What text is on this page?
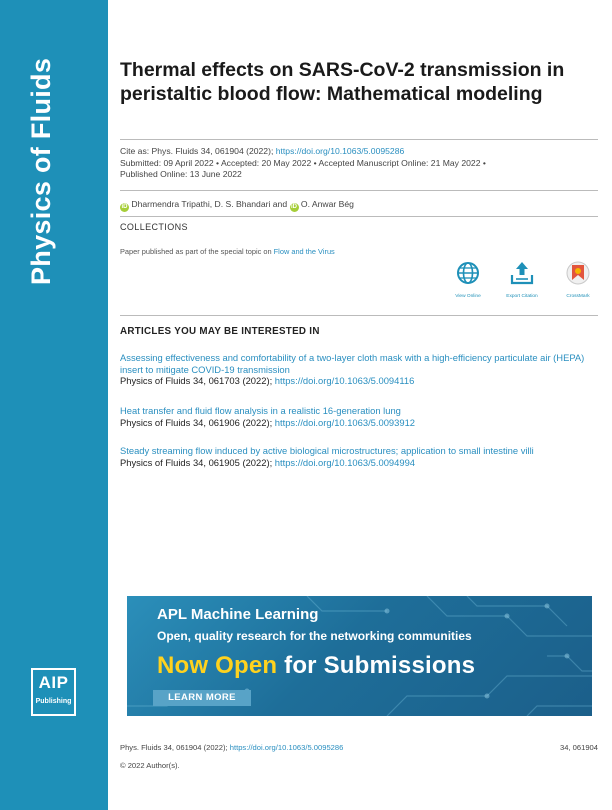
Physics of Fluids
AIP
Publishing
Thermal effects on SARS-CoV-2 transmission in peristaltic blood flow: Mathematical modeling
Cite as: Phys. Fluids 34, 061904 (2022); https://doi.org/10.1063/5.0095286
Submitted: 09 April 2022 • Accepted: 20 May 2022 • Accepted Manuscript Online: 21 May 2022 •
Published Online: 13 June 2022
iD Dharmendra Tripathi, D. S. Bhandari and iD O. Anwar Bég
COLLECTIONS
Paper published as part of the special topic on Flow and the Virus
View Online	Export Citation	CrossMark
ARTICLES YOU MAY BE INTERESTED IN
Assessing effectiveness and comfortability of a two-layer cloth mask with a high-efficiency particulate air (HEPA) insert to mitigate COVID-19 transmission
Physics of Fluids 34, 061703 (2022); https://doi.org/10.1063/5.0094116
Heat transfer and fluid flow analysis in a realistic 16-generation lung
Physics of Fluids 34, 061906 (2022); https://doi.org/10.1063/5.0093912
Steady streaming flow induced by active biological microstructures; application to small intestine villi
Physics of Fluids 34, 061905 (2022); https://doi.org/10.1063/5.0094994
APL Machine Learning
Open, quality research for the networking communities
Now Open for Submissions
LEARN MORE
Phys. Fluids 34, 061904 (2022); https://doi.org/10.1063/5.0095286	34, 061904
© 2022 Author(s).
